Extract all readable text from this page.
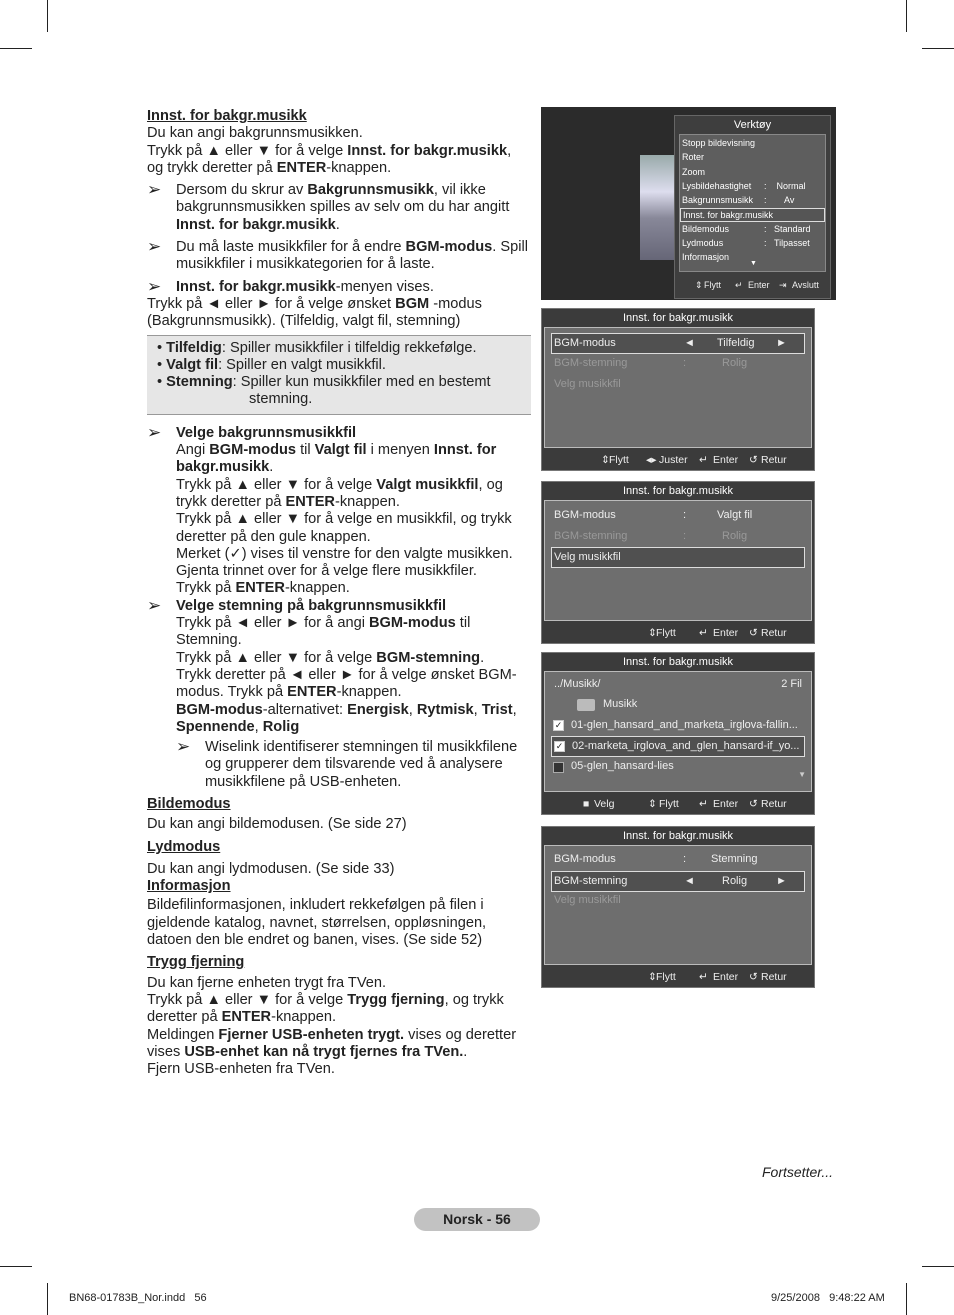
Innst. for bakgr.musikk

Du kan angi bakgrunnsmusikken.

Trykk på ▲ eller ▼ for å velge Innst. for bakgr.musikk, og trykk deretter på ENTER-knappen.

➢ Dersom du skrur av Bakgrunnsmusikk, vil ikke bakgrunnsmusikken spilles av selv om du har angitt Innst. for bakgr.musikk.
➢ Du må laste musikkfiler for å endre BGM-modus. Spill musikkfiler i musikkategorien for å laste.
➢ Innst. for bakgr.musikk-menyen vises.

Trykk på ◄ eller ► for å velge ønsket BGM -modus (Bakgrunnsmusikk). (Tilfeldig, valgt fil, stemning)

• Tilfeldig: Spiller musikkfiler i tilfeldig rekkefølge.
• Valgt fil: Spiller en valgt musikkfil.
• Stemning: Spiller kun musikkfiler med en bestemt
stemning.
➢ Velge bakgrunnsmusikkfil
Angi BGM-modus til Valgt fil i menyen Innst. for bakgr.musikk.
Trykk på ▲ eller ▼ for å velge Valgt musikkfil, og trykk deretter på ENTER-knappen.
Trykk på ▲ eller ▼ for å velge en musikkfil, og trykk deretter på den gule knappen.
Merket (✓) vises til venstre for den valgte musikken. Gjenta trinnet over for å velge flere musikkfiler.
Trykk på ENTER-knappen.
➢ Velge stemning på bakgrunnsmusikkfil
Trykk på ◄ eller ► for å angi BGM-modus til Stemning.
Trykk på ▲ eller ▼ for å velge BGM-stemning.
Trykk deretter på ◄ eller ► for å velge ønsket BGM-modus. Trykk på ENTER-knappen.
BGM-modus-alternativet: Energisk, Rytmisk, Trist, Spennende, Rolig
➢ Wiselink identifiserer stemningen til musikkfilene og grupperer dem tilsvarende ved å analysere musikkfilene på USB-enheten.

Bildemodus

Du kan angi bildemodusen. (Se side 27)

Lydmodus

Du kan angi lydmodusen. (Se side 33)

Informasjon

Bildefilinformasjonen, inkludert rekkefølgen på filen i gjeldende katalog, navnet, størrelsen, oppløsningen, datoen den ble endret og banen, vises. (Se side 52)

Trygg fjerning

Du kan fjerne enheten trygt fra TVen.

Trykk på ▲ eller ▼ for å velge Trygg fjerning, og trykk deretter på ENTER-knappen.

Meldingen Fjerner USB-enheten trygt. vises og deretter vises USB-enhet kan nå trygt fjernes fra TVen..

Fjern USB-enheten fra TVen.

Verktøy
Stopp bildevisning
Roter
Zoom
Lysbildehastighet :    Normal
Bakgrunnsmusikk :       Av
Innst. for bakgr.musikk
Bildemodus	:   Standard
Lydmodus	:   Tilpasset
Informasjon
▼
⇕ Flytt ↵ Enter ⇥ Avslutt
Innst. for bakgr.musikk
BGM-modus	◄ Tilfeldig ►
BGM-stemning	:	Rolig
Velg musikkfil
⇕ Flytt ◂▸ Juster ↵ Enter ↺ Retur
Innst. for bakgr.musikk
BGM-modus	:	Valgt fil
BGM-stemning	:	Rolig
Velg musikkfil
⇕ Flytt ↵ Enter ↺ Retur
Innst. for bakgr.musikk
../Musikk/	2 Fil
Musikk
✓ 01-glen_hansard_and_marketa_irglova-fallin...
✓ 02-marketa_irglova_and_glen_hansard-if_yo...
05-glen_hansard-lies
▼
■ Velg	⇕ Flytt ↵ Enter ↺ Retur
Innst. for bakgr.musikk
BGM-modus	: Stemning
BGM-stemning	◄ Rolig	►
Velg musikkfil
⇕ Flytt ↵ Enter ↺ Retur
Fortsetter...
Norsk - 56
BN68-01783B_Nor.indd   56	9/25/2008   9:48:22 AM
